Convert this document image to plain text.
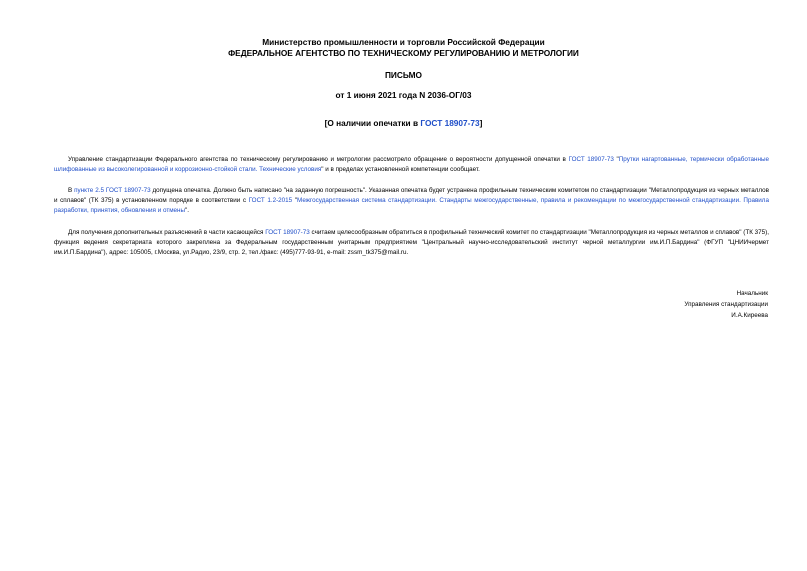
Министерство промышленности и торговли Российской Федерации
ФЕДЕРАЛЬНОЕ АГЕНТСТВО ПО ТЕХНИЧЕСКОМУ РЕГУЛИРОВАНИЮ И МЕТРОЛОГИИ
ПИСЬМО
от 1 июня 2021 года N 2036-ОГ/03
[О наличии опечатки в ГОСТ 18907-73]
Управление стандартизации Федерального агентства по техническому регулированию и метрологии рассмотрело обращение о вероятности допущенной опечатки в ГОСТ 18907-73 "Прутки нагартованные, термически обработанные шлифованные из высоколегированной и коррозионно-стойкой стали. Технические условия" и в пределах установленной компетенции сообщает.
В пункте 2.5 ГОСТ 18907-73 допущена опечатка. Должно быть написано "на заданную погрешность". Указанная опечатка будет устранена профильным техническим комитетом по стандартизации "Металлопродукция из черных металлов и сплавов" (ТК 375) в установленном порядке в соответствии с ГОСТ 1.2-2015 "Межгосударственная система стандартизации. Стандарты межгосударственные, правила и рекомендации по межгосударственной стандартизации. Правила разработки, принятия, обновления и отмены".
Для получения дополнительных разъяснений в части касающейся ГОСТ 18907-73 считаем целесообразным обратиться в профильный технический комитет по стандартизации "Металлопродукция из черных металлов и сплавов" (ТК 375), функция ведения секретариата которого закреплена за Федеральным государственным унитарным предприятием "Центральный научно-исследовательский институт черной металлургии им.И.П.Бардина" (ФГУП "ЦНИИчермет им.И.П.Бардина"), адрес: 105005, г.Москва, ул.Радио, 23/9, стр. 2, тел./факс: (495)777-93-91, e-mail: zssm_tk375@mail.ru.
Начальник
Управления стандартизации
И.А.Киреева
